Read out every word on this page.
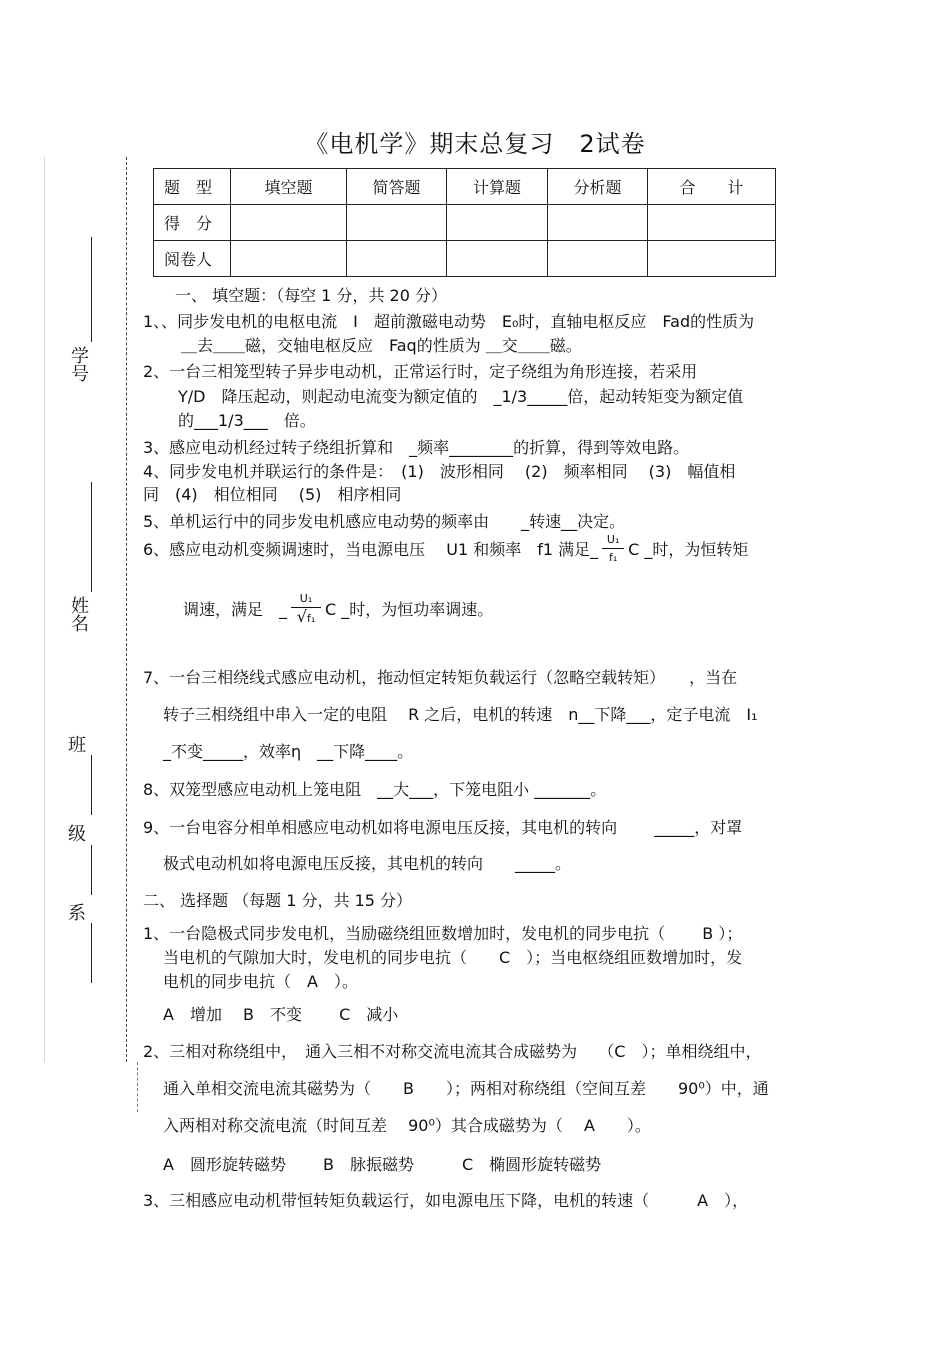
学号
姓名
班
级
系
《电机学》期末总复习　2试卷
题　型	填空题	简答题	计算题	分析题	合　　计
得　分					
阅卷人					
一、 填空题：（每空 1 分，共 20 分）
1、、同步发电机的电枢电流　I　超前激磁电动势　E₀时，直轴电枢反应　Fad的性质为
＿去＿＿磁，交轴电枢反应　Faq的性质为 ＿交＿＿磁。
2、一台三相笼型转子异步电动机，正常运行时，定子绕组为角形连接，若采用
Y/D　降压起动，则起动电流变为额定值的　_1/3_____倍，起动转矩变为额定值
的___1/3___　倍。
3、感应电动机经过转子绕组折算和　_频率________的折算，得到等效电路。
4、同步发电机并联运行的条件是：　(1)　波形相同　 (2)　频率相同　 (3)　幅值相
同　(4)　相位相同　 (5)　相序相同
5、单机运行中的同步发电机感应电动势的频率由　　_转速__决定。
6、感应电动机变频调速时，当电源电压　 U1 和频率　f1 满足_
U₁
f₁ C _时，为恒转矩
调速，满足　_
U₁
√f₁ C _时，为恒功率调速。
7、一台三相绕线式感应电动机，拖动恒定转矩负载运行（忽略空载转矩）　　，当在
转子三相绕组中串入一定的电阻　 R 之后，电机的转速　n__下降___，定子电流　I₁
_不变_____，效率η　__下降____。
8、双笼型感应电动机上笼电阻　__大___，下笼电阻小 _______。
9、一台电容分相单相感应电动机如将电源电压反接，其电机的转向　　 _____，对罩
极式电动机如将电源电压反接，其电机的转向　　_____。
二、 选择题 （每题 1 分，共 15 分）
1、一台隐极式同步发电机，当励磁绕组匝数增加时，发电机的同步电抗（　　 B ）；
当电机的气隙加大时，发电机的同步电抗（　　C　）；当电枢绕组匝数增加时，发
电机的同步电抗（　A　）。
A　增加　 B　不变　　 C　减小
2、三相对称绕组中，　通入三相不对称交流电流其合成磁势为　 （C　）；单相绕组中，
通入单相交流电流其磁势为（　　B　　）；两相对称绕组（空间互差　　90⁰）中，通
入两相对称交流电流（时间互差　 90⁰）其合成磁势为（　 A　　）。
A　圆形旋转磁势　　 B　脉振磁势　　　C　椭圆形旋转磁势
3、三相感应电动机带恒转矩负载运行，如电源电压下降，电机的转速（　　　A　），
